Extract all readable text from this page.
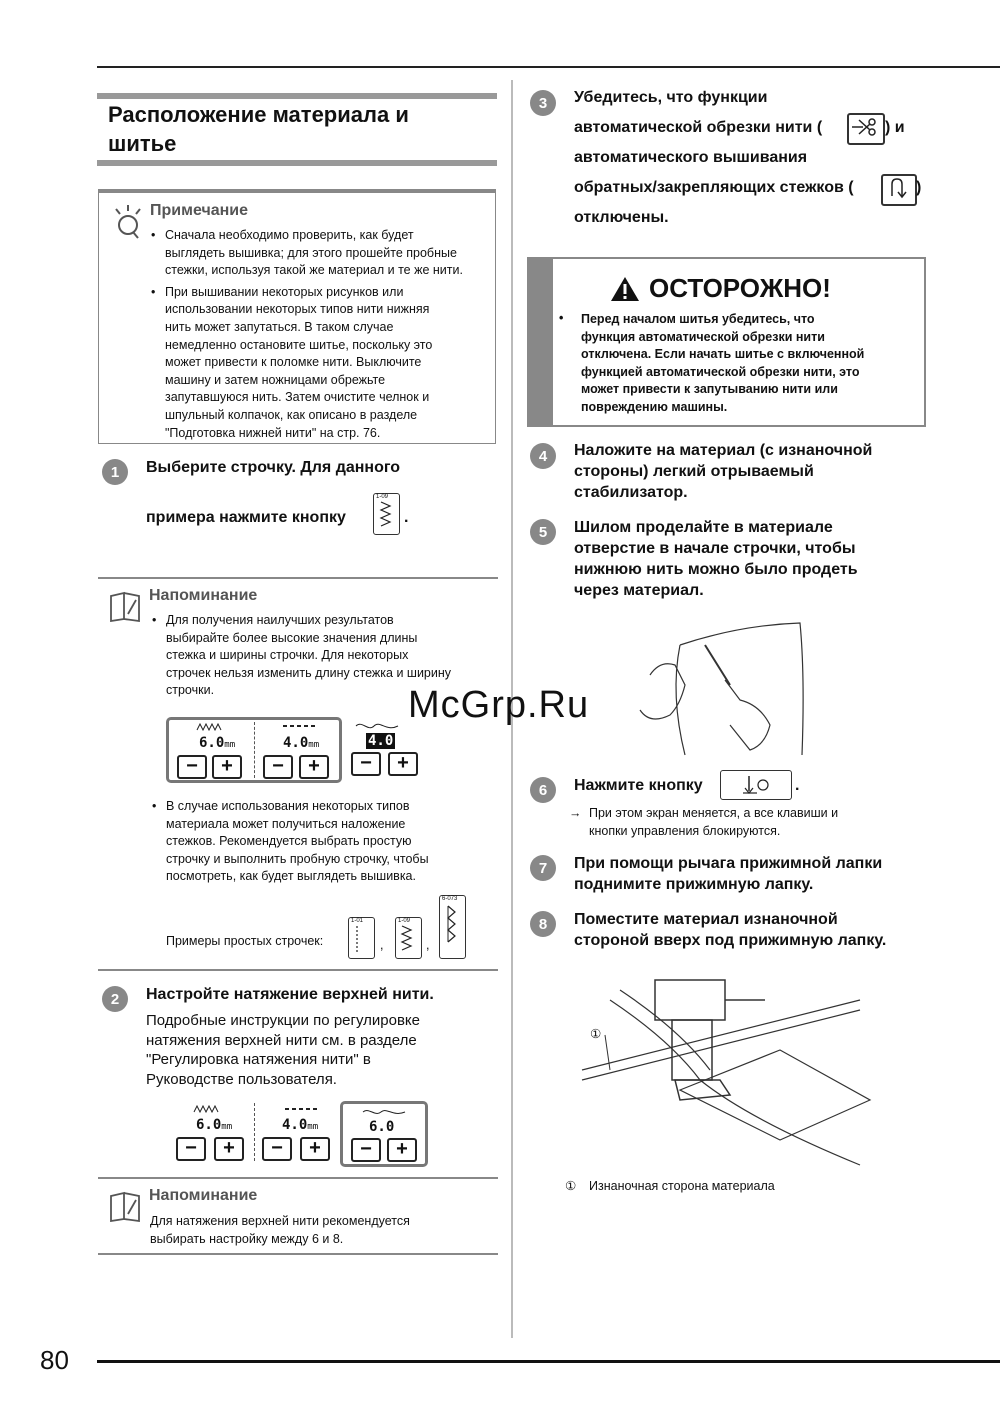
80
Расположение материала и
шитье
Примечание
• Сначала необходимо проверить, как будет
выглядеть вышивка; для этого прошейте пробные
стежки, используя такой же материал и те же нити.
• При вышивании некоторых рисунков или
использовании некоторых типов нити нижняя
нить может запутаться. В таком случае
немедленно остановите шитье, поскольку это
может привести к поломке нити. Выключите
машину и затем ножницами обрежьте
запутавшуюся нить. Затем очистите челнок и
шпульный колпачок, как описано в разделе
"Подготовка нижней нити" на стр. 76.
1	Выберите строчку. Для данного
примера нажмите кнопку
1-09
.
Напоминание
• Для получения наилучших результатов
выбирайте более высокие значения длины
стежка и ширины строчки. Для некоторых
строчек нельзя изменить длину стежка и ширину
строчки.
6.0mm
−	+
4.0mm
−	+
4.0
−	+
• В случае использования некоторых типов
материала может получиться наложение
стежков. Рекомендуется выбрать простую
строчку и выполнить пробную строчку, чтобы
посмотреть, как будет выглядеть вышивка.
Примеры простых строчек:
1-01
,
1-09
,
6-073
2	Настройте натяжение верхней нити.
Подробные инструкции по регулировке
натяжения верхней нити см. в разделе
"Регулировка натяжения нити" в
Руководстве пользователя.
6.0mm
−	+
4.0mm
−	+
6.0
−	+
Напоминание
Для натяжения верхней нити рекомендуется
выбирать настройку между 6 и 8.
3	Убедитесь, что функции
автоматической обрезки нити (	) и
автоматического вышивания
обратных/закрепляющих стежков (	)
отключены.
ОСТОРОЖНО!
• Перед началом шитья убедитесь, что
функция автоматической обрезки нити
отключена. Если начать шитье с включенной
функцией автоматической обрезки нити, это
может привести к запутыванию нити или
повреждению машины.
4	Наложите на материал (с изнаночной
стороны) легкий отрываемый
стабилизатор.
5	Шилом проделайте в материале
отверстие в начале строчки, чтобы
нижнюю нить можно было продеть
через материал.
McGrp.Ru
6	Нажмите кнопку	.
→ При этом экран меняется, а все клавиши и
кнопки управления блокируются.
7	При помощи рычага прижимной лапки
поднимите прижимную лапку.
8	Поместите материал изнаночной
стороной вверх под прижимную лапку.
①
① Изнаночная сторона материала
